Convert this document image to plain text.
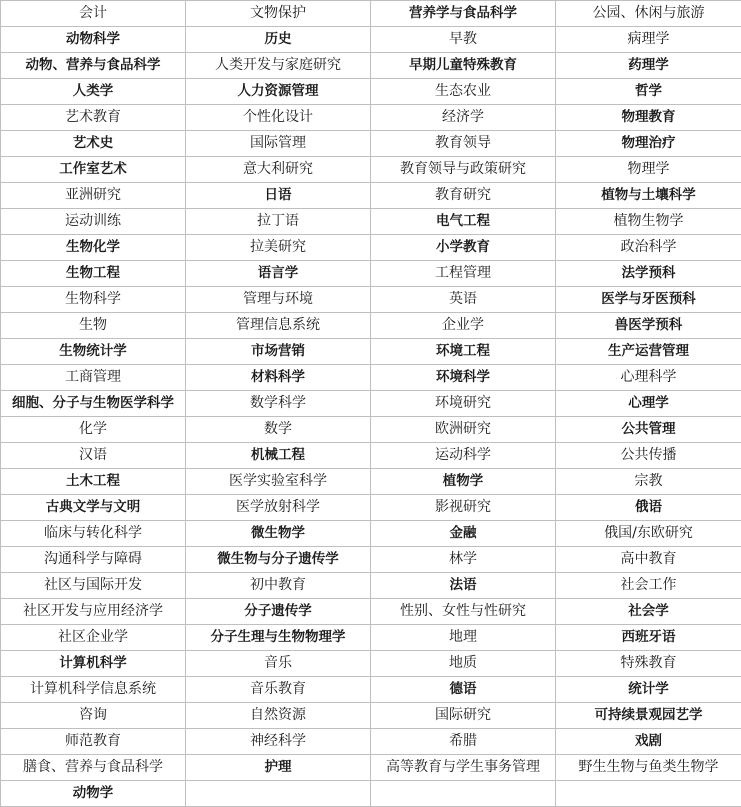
会计	文物保护	营养学与食品科学	公园、休闲与旅游
动物科学	历史	早教	病理学
动物、营养与食品科学	人类开发与家庭研究	早期儿童特殊教育	药理学
人类学	人力资源管理	生态农业	哲学
艺术教育	个性化设计	经济学	物理教育
艺术史	国际管理	教育领导	物理治疗
工作室艺术	意大利研究	教育领导与政策研究	物理学
亚洲研究	日语	教育研究	植物与土壤科学
运动训练	拉丁语	电气工程	植物生物学
生物化学	拉美研究	小学教育	政治科学
生物工程	语言学	工程管理	法学预科
生物科学	管理与环境	英语	医学与牙医预科
生物	管理信息系统	企业学	兽医学预科
生物统计学	市场营销	环境工程	生产运营管理
工商管理	材料科学	环境科学	心理科学
细胞、分子与生物医学科学	数学科学	环境研究	心理学
化学	数学	欧洲研究	公共管理
汉语	机械工程	运动科学	公共传播
土木工程	医学实验室科学	植物学	宗教
古典文学与文明	医学放射科学	影视研究	俄语
临床与转化科学	微生物学	金融	俄国/东欧研究
沟通科学与障碍	微生物与分子遗传学	林学	高中教育
社区与国际开发	初中教育	法语	社会工作
社区开发与应用经济学	分子遗传学	性别、女性与性研究	社会学
社区企业学	分子生理与生物物理学	地理	西班牙语
计算机科学	音乐	地质	特殊教育
计算机科学信息系统	音乐教育	德语	统计学
咨询	自然资源	国际研究	可持续景观园艺学
师范教育	神经科学	希腊	戏剧
膳食、营养与食品科学	护理	高等教育与学生事务管理	野生生物与鱼类生物学
动物学			
